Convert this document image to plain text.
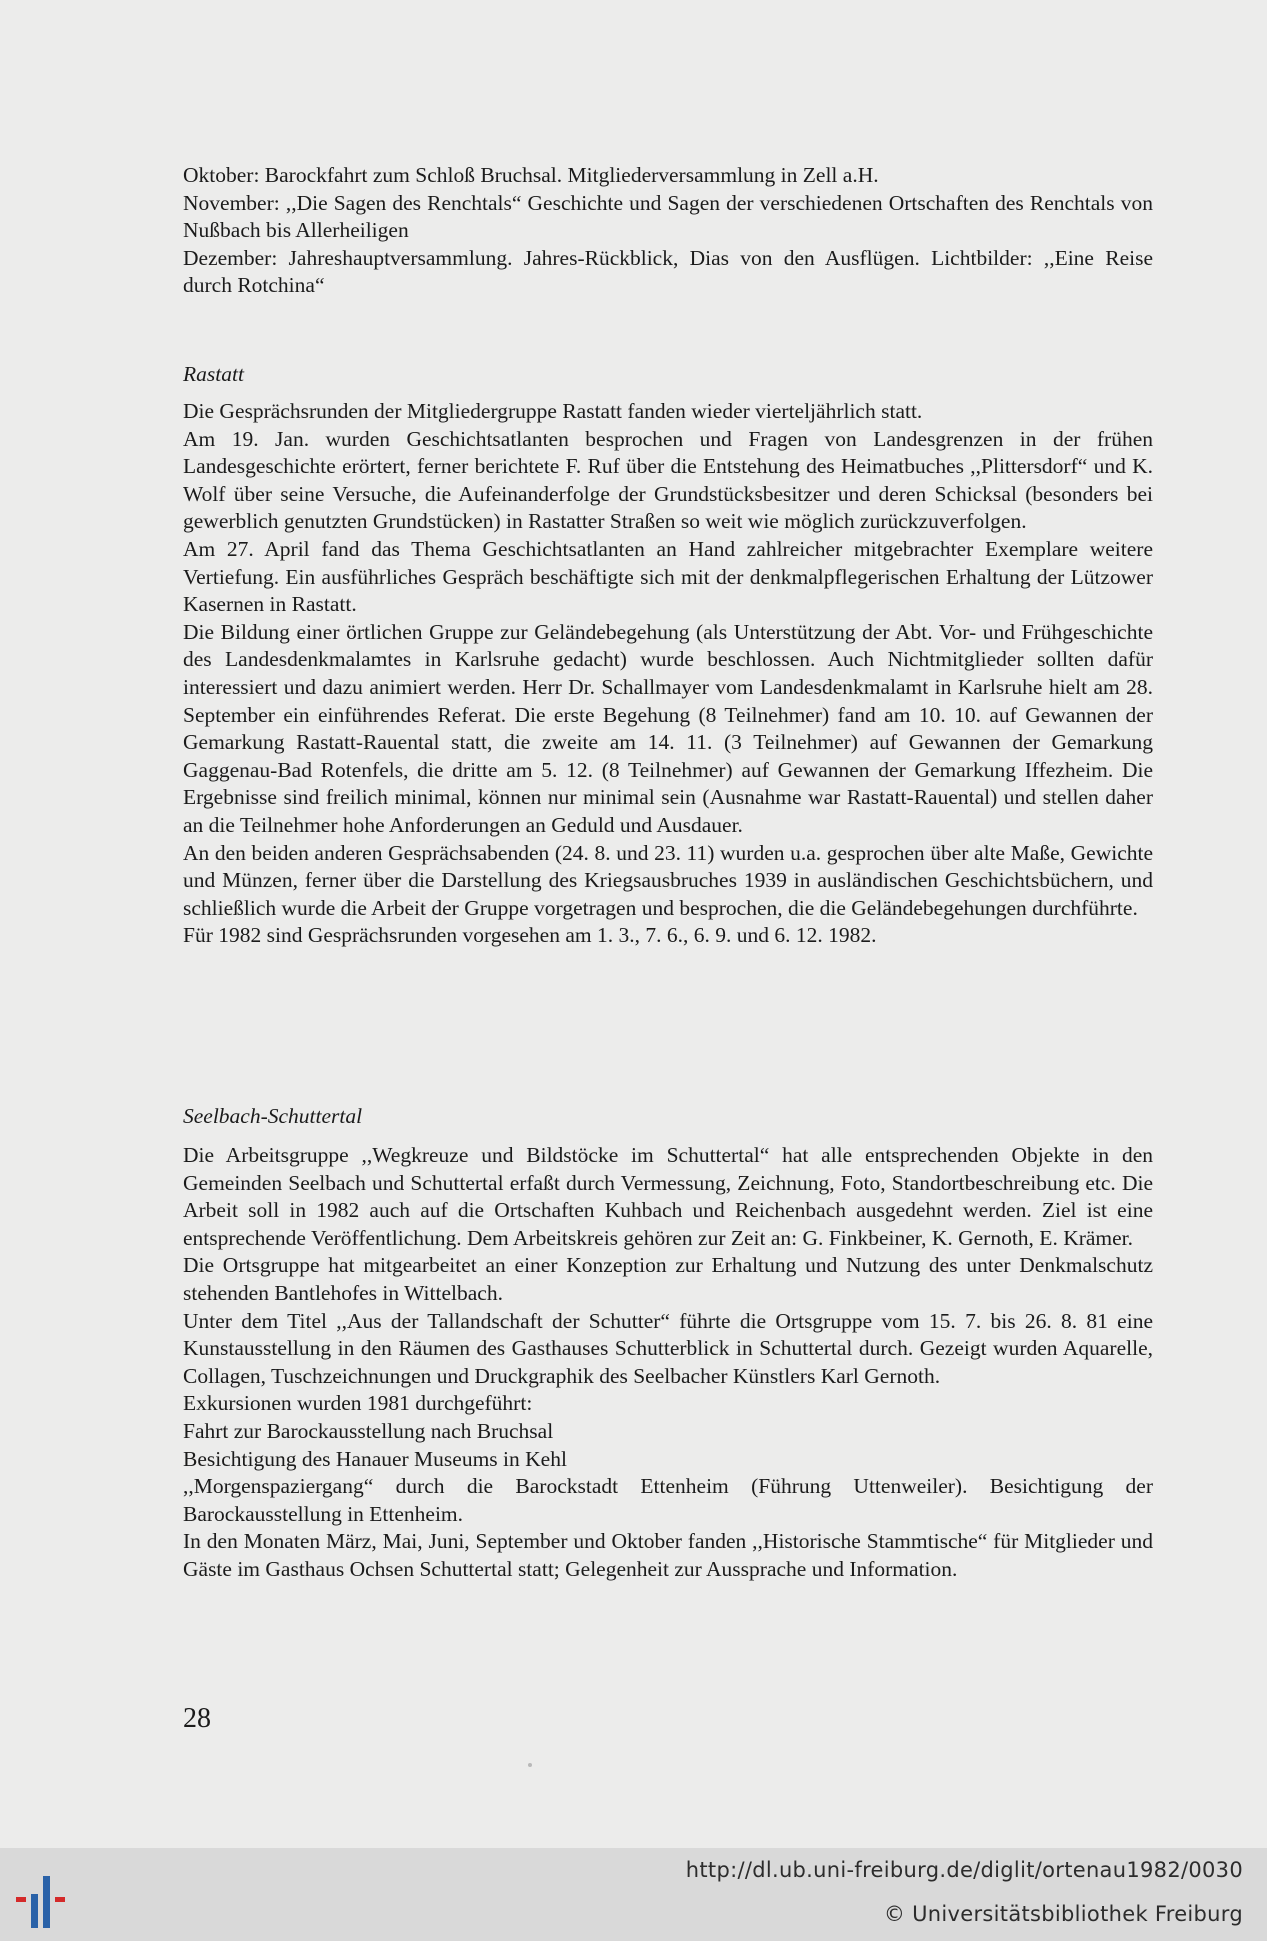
Oktober: Barockfahrt zum Schloß Bruchsal. Mitgliederversammlung in Zell a.H.

November: ,,Die Sagen des Renchtals“ Geschichte und Sagen der verschiedenen Ortschaften des Renchtals von Nußbach bis Allerheiligen

Dezember: Jahreshauptversammlung. Jahres-Rückblick, Dias von den Ausflügen. Lichtbilder: ,,Eine Reise durch Rotchina“

Rastatt

Die Gesprächsrunden der Mitgliedergruppe Rastatt fanden wieder vierteljährlich statt.

Am 19. Jan. wurden Geschichtsatlanten besprochen und Fragen von Landesgrenzen in der frühen Landesgeschichte erörtert, ferner berichtete F. Ruf über die Entstehung des Heimatbuches ,,Plittersdorf“ und K. Wolf über seine Versuche, die Aufeinanderfolge der Grundstücksbesitzer und deren Schicksal (besonders bei gewerblich genutzten Grundstücken) in Rastatter Straßen so weit wie möglich zurückzuverfolgen.

Am 27. April fand das Thema Geschichtsatlanten an Hand zahlreicher mitgebrachter Exemplare weitere Vertiefung. Ein ausführliches Gespräch beschäftigte sich mit der denkmalpflegerischen Erhaltung der Lützower Kasernen in Rastatt.

Die Bildung einer örtlichen Gruppe zur Geländebegehung (als Unterstützung der Abt. Vor- und Frühgeschichte des Landesdenkmalamtes in Karlsruhe gedacht) wurde beschlossen. Auch Nichtmitglieder sollten dafür interessiert und dazu animiert werden. Herr Dr. Schallmayer vom Landesdenkmalamt in Karlsruhe hielt am 28. September ein einführendes Referat. Die erste Begehung (8 Teilnehmer) fand am 10. 10. auf Gewannen der Gemarkung Rastatt-Rauental statt, die zweite am 14. 11. (3 Teilnehmer) auf Gewannen der Gemarkung Gaggenau-Bad Rotenfels, die dritte am 5. 12. (8 Teilnehmer) auf Gewannen der Gemarkung Iffezheim. Die Ergebnisse sind freilich minimal, können nur minimal sein (Ausnahme war Rastatt-Rauental) und stellen daher an die Teilnehmer hohe Anforderungen an Geduld und Ausdauer.

An den beiden anderen Gesprächsabenden (24. 8. und 23. 11) wurden u.a. gesprochen über alte Maße, Gewichte und Münzen, ferner über die Darstellung des Kriegsausbruches 1939 in ausländischen Geschichtsbüchern, und schließlich wurde die Arbeit der Gruppe vorgetragen und besprochen, die die Geländebegehungen durchführte.

Für 1982 sind Gesprächsrunden vorgesehen am 1. 3., 7. 6., 6. 9. und 6. 12. 1982.

Seelbach-Schuttertal

Die Arbeitsgruppe ,,Wegkreuze und Bildstöcke im Schuttertal“ hat alle entsprechenden Objekte in den Gemeinden Seelbach und Schuttertal erfaßt durch Vermessung, Zeichnung, Foto, Standortbeschreibung etc. Die Arbeit soll in 1982 auch auf die Ortschaften Kuhbach und Reichenbach ausgedehnt werden. Ziel ist eine entsprechende Veröffentlichung. Dem Arbeitskreis gehören zur Zeit an: G. Finkbeiner, K. Gernoth, E. Krämer.

Die Ortsgruppe hat mitgearbeitet an einer Konzeption zur Erhaltung und Nutzung des unter Denkmalschutz stehenden Bantlehofes in Wittelbach.

Unter dem Titel ,,Aus der Tallandschaft der Schutter“ führte die Ortsgruppe vom 15. 7. bis 26. 8. 81 eine Kunstausstellung in den Räumen des Gasthauses Schutterblick in Schuttertal durch. Gezeigt wurden Aquarelle, Collagen, Tuschzeichnungen und Druckgraphik des Seelbacher Künstlers Karl Gernoth.

Exkursionen wurden 1981 durchgeführt:

Fahrt zur Barockausstellung nach Bruchsal

Besichtigung des Hanauer Museums in Kehl

,,Morgenspaziergang“ durch die Barockstadt Ettenheim (Führung Uttenweiler). Besichtigung der Barockausstellung in Ettenheim.

In den Monaten März, Mai, Juni, September und Oktober fanden ,,Historische Stammtische“ für Mitglieder und Gäste im Gasthaus Ochsen Schuttertal statt; Gelegenheit zur Aussprache und Information.

28
http://dl.ub.uni-freiburg.de/diglit/ortenau1982/0030
© Universitätsbibliothek Freiburg
